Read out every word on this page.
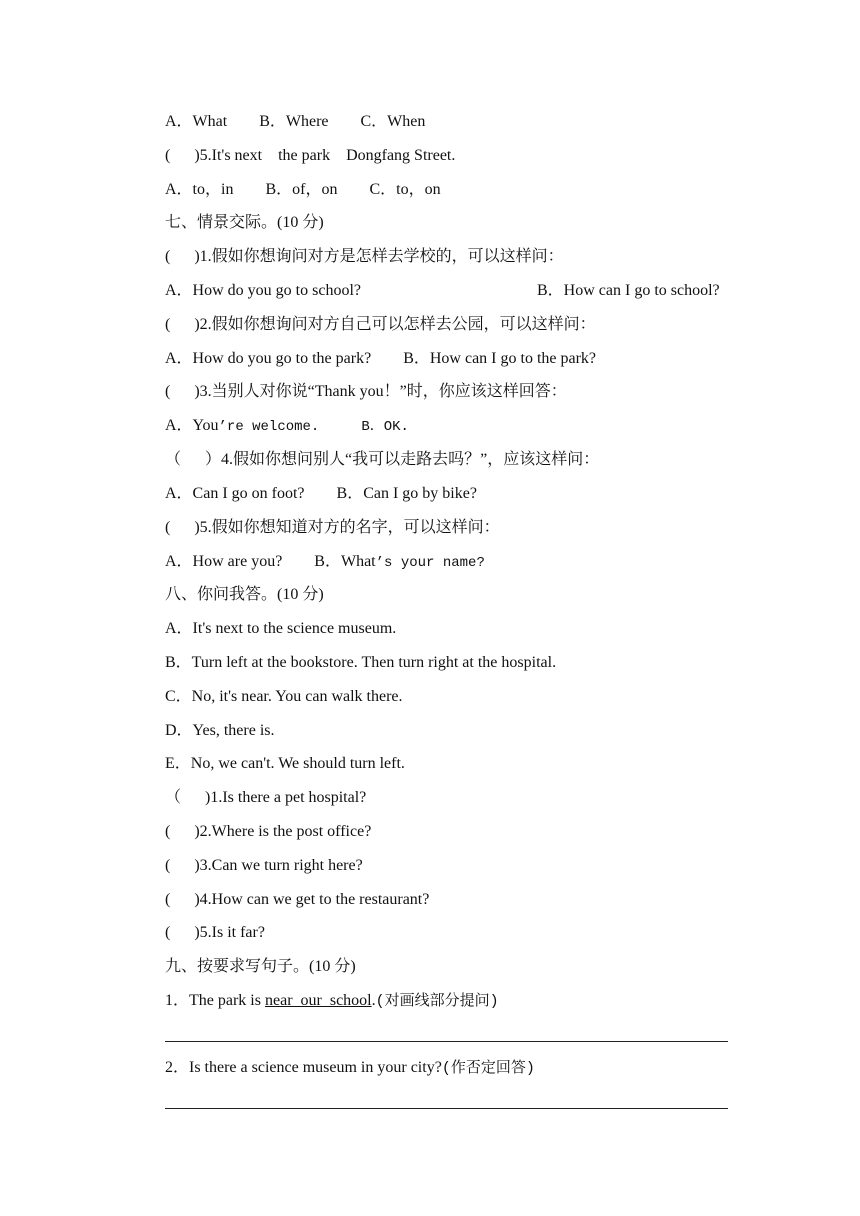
A．What        B．Where        C．When
(      )5.It's next    the park    Dongfang Street.
A．to，in        B．of，on        C．to，on
七、情景交际。(10 分)
(      )1.假如你想询问对方是怎样去学校的，可以这样问：
A．How do you go to school?	B．How can I go to school?
(      )2.假如你想询问对方自己可以怎样去公园，可以这样问：
A．How do you go to the park?        B．How can I go to the park?
(      )3.当别人对你说“Thank you！”时，你应该这样回答：
A．You’re welcome.     B．OK.
（      ）4.假如你想问别人“我可以走路去吗？”，应该这样问：
A．Can I go on foot?        B．Can I go by bike?
(      )5.假如你想知道对方的名字，可以这样问：
A．How are you?        B．What’s your name?
八、你问我答。(10 分)
A．It's next to the science museum.
B．Turn left at the bookstore. Then turn right at the hospital.
C．No, it's near. You can walk there.
D．Yes, there is.
E．No, we can't. We should turn left.
（      )1.Is there a pet hospital?
(      )2.Where is the post office?
(      )3.Can we turn right here?
(      )4.How can we get to the restaurant?
(      )5.Is it far?
九、按要求写句子。(10 分)
1．The park is near  our  school.(对画线部分提问)
2．Is there a science museum in your city?(作否定回答)
